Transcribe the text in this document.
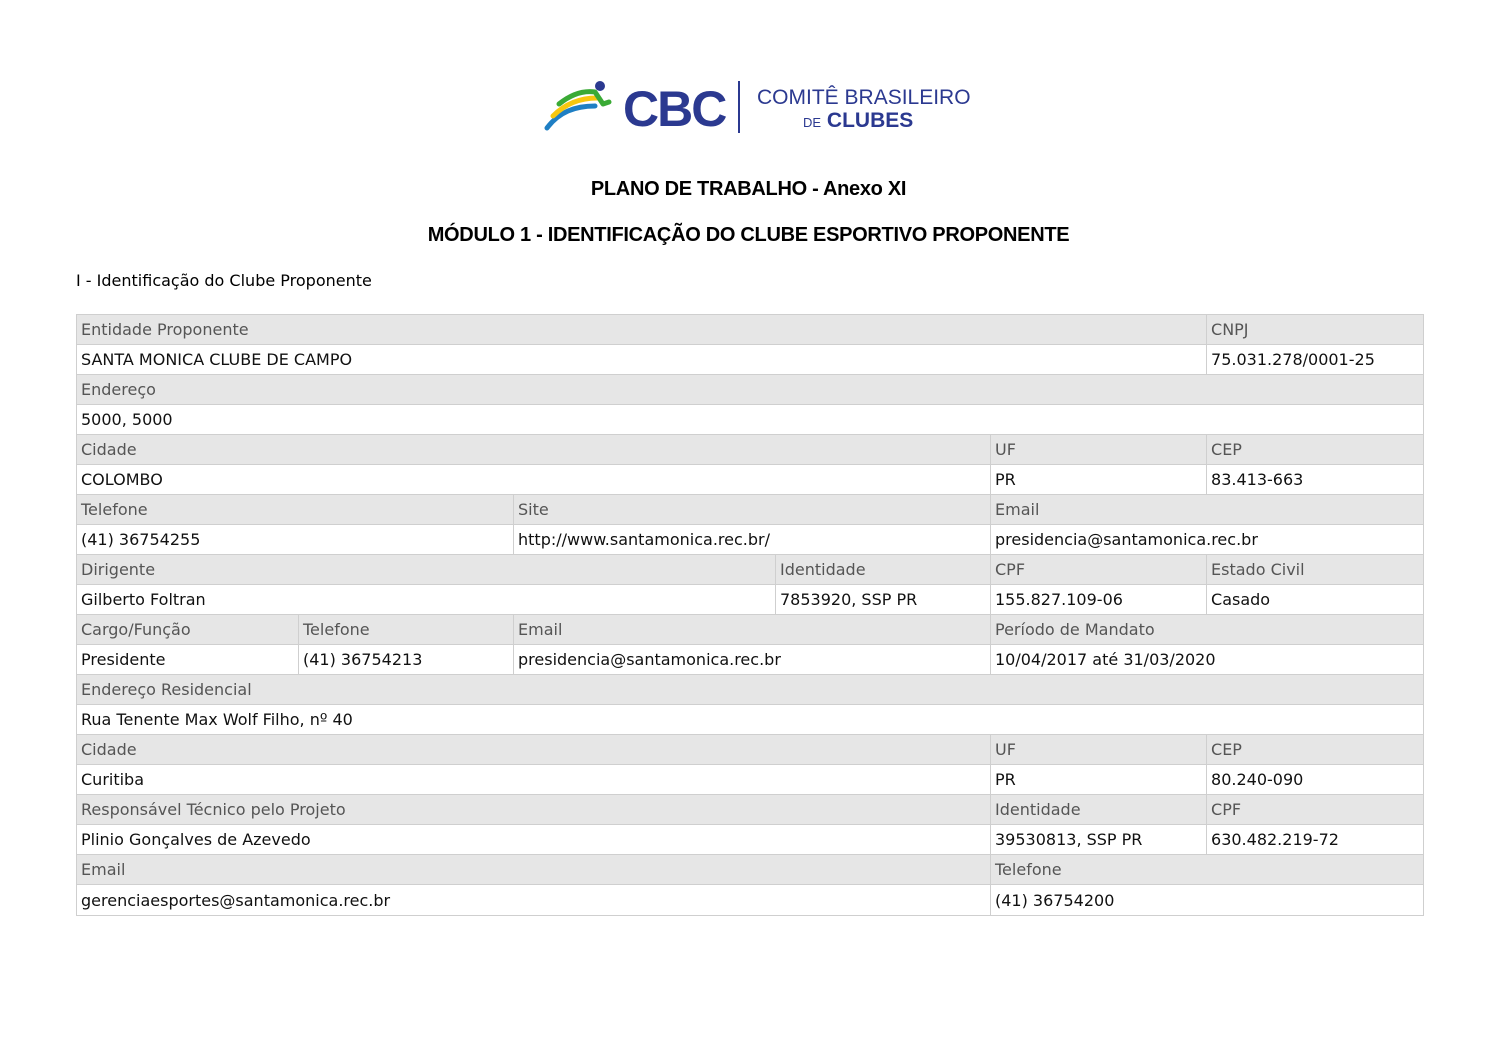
CBC COMITÊ BRASILEIRO
DE CLUBES
PLANO DE TRABALHO - Anexo XI
MÓDULO 1 - IDENTIFICAÇÃO DO CLUBE ESPORTIVO PROPONENTE
I - Identificação do Clube Proponente
Entidade Proponente					CNPJ
SANTA MONICA CLUBE DE CAMPO					75.031.278/0001-25
Endereço					
5000, 5000					
Cidade				UF	CEP
COLOMBO				PR	83.413-663
Telefone		Site		Email	
(41) 36754255		http://www.santamonica.rec.br/		presidencia@santamonica.rec.br	
Dirigente			Identidade	CPF	Estado Civil
Gilberto Foltran			7853920, SSP PR	155.827.109-06	Casado
Cargo/Função	Telefone	Email		Período de Mandato	
Presidente	(41) 36754213	presidencia@santamonica.rec.br		10/04/2017 até 31/03/2020	
Endereço Residencial					
Rua Tenente Max Wolf Filho, nº 40					
Cidade				UF	CEP
Curitiba				PR	80.240-090
Responsável Técnico pelo Projeto				Identidade	CPF
Plinio Gonçalves de Azevedo				39530813, SSP PR	630.482.219-72
Email				Telefone	
gerenciaesportes@santamonica.rec.br				(41) 36754200	
